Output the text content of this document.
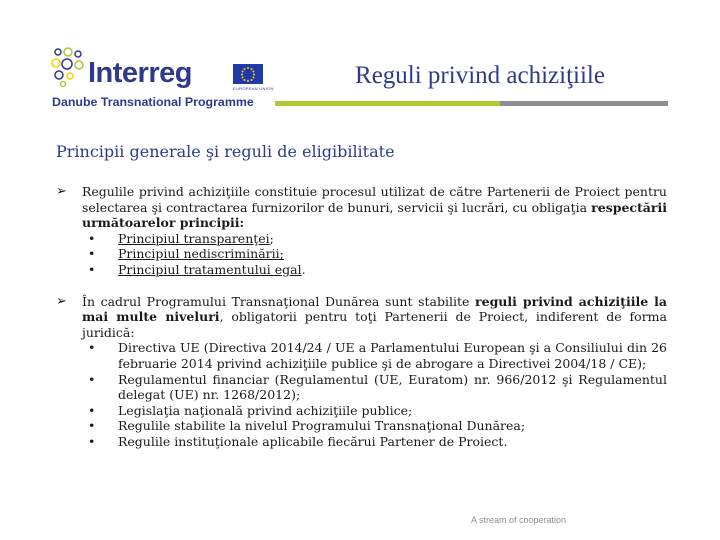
Interreg	EUROPEAN UNION
Danube Transnational Programme
Reguli privind achiziţiile
Principii generale şi reguli de eligibilitate
➢ Regulile privind achiziţiile constituie procesul utilizat de către Partenerii de Proiect pentru selectarea şi contractarea furnizorilor de bunuri, servicii şi lucrări, cu obligaţia respectării următoarelor principii:
• Principiul transparenţei;
• Principiul nediscriminării;
• Principiul tratamentului egal.
➢ În cadrul Programului Transnaţional Dunărea sunt stabilite reguli privind achiziţiile la mai multe niveluri, obligatorii pentru toţi Partenerii de Proiect, indiferent de forma juridică:
• Directiva UE (Directiva 2014/24 / UE a Parlamentului European şi a Consiliului din 26 februarie 2014 privind achiziţiile publice şi de abrogare a Directivei 2004/18 / CE);
• Regulamentul financiar (Regulamentul (UE, Euratom) nr. 966/2012 şi Regulamentul delegat (UE) nr. 1268/2012);
• Legislaţia naţională privind achiziţiile publice;
• Regulile stabilite la nivelul Programului Transnaţional Dunărea;
• Regulile instituţionale aplicabile fiecărui Partener de Proiect.
A stream of cooperation
